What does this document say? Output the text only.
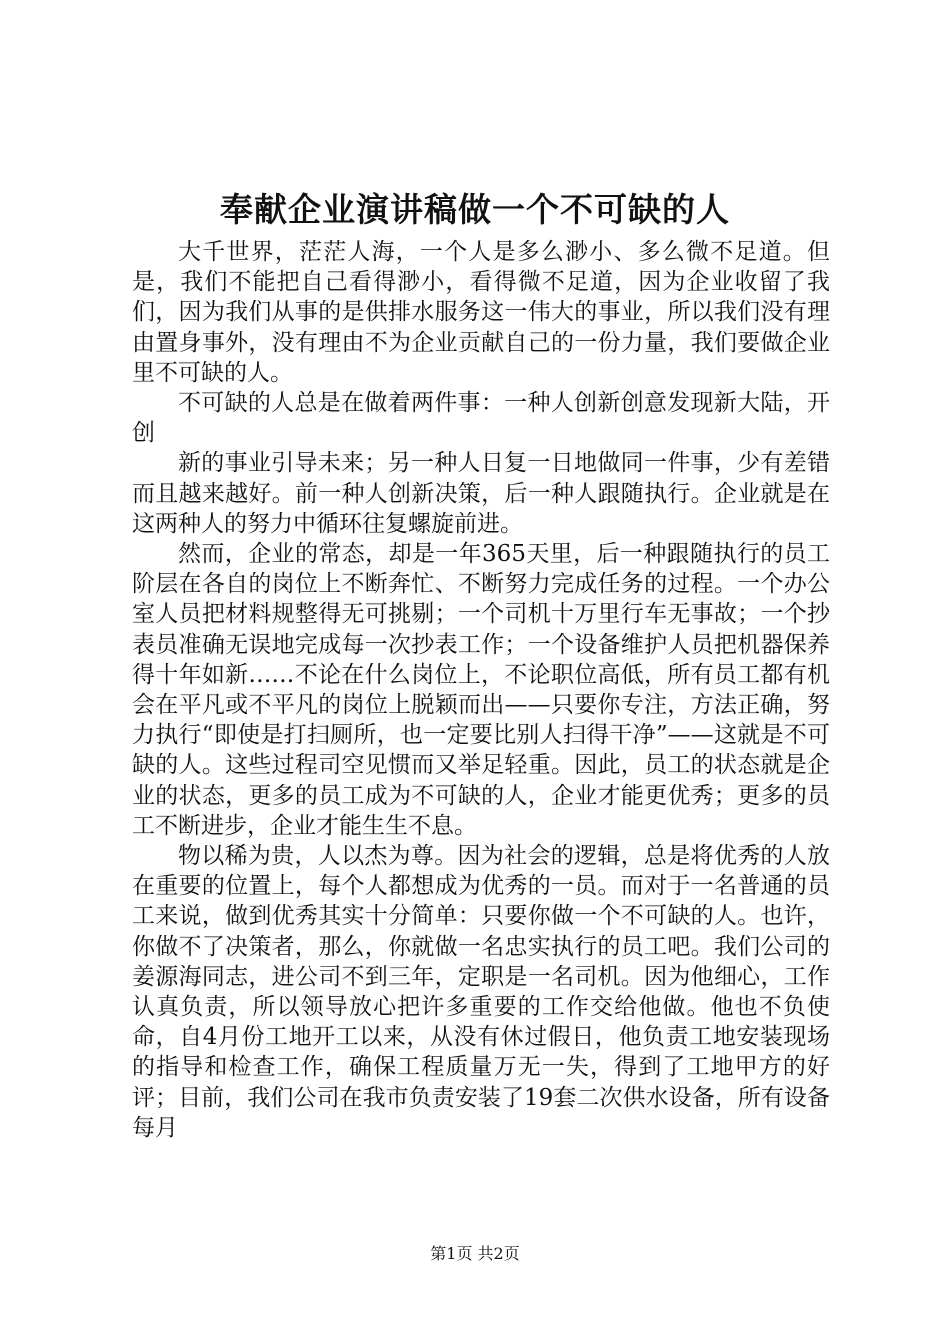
奉献企业演讲稿做一个不可缺的人

大千世界，茫茫人海，一个人是多么渺小、多么微不足道。但是，我们不能把自己看得渺小，看得微不足道，因为企业收留了我们，因为我们从事的是供排水服务这一伟大的事业，所以我们没有理由置身事外，没有理由不为企业贡献自己的一份力量，我们要做企业里不可缺的人。

不可缺的人总是在做着两件事：一种人创新创意发现新大陆，开创

新的事业引导未来；另一种人日复一日地做同一件事，少有差错而且越来越好。前一种人创新决策，后一种人跟随执行。企业就是在这两种人的努力中循环往复螺旋前进。

然而，企业的常态，却是一年365天里，后一种跟随执行的员工阶层在各自的岗位上不断奔忙、不断努力完成任务的过程。一个办公室人员把材料规整得无可挑剔；一个司机十万里行车无事故；一个抄表员准确无误地完成每一次抄表工作；一个设备维护人员把机器保养得十年如新……不论在什么岗位上，不论职位高低，所有员工都有机会在平凡或不平凡的岗位上脱颖而出——只要你专注，方法正确，努力执行“即使是打扫厕所，也一定要比别人扫得干净”——这就是不可缺的人。这些过程司空见惯而又举足轻重。因此，员工的状态就是企业的状态，更多的员工成为不可缺的人，企业才能更优秀；更多的员工不断进步，企业才能生生不息。

物以稀为贵，人以杰为尊。因为社会的逻辑，总是将优秀的人放在重要的位置上，每个人都想成为优秀的一员。而对于一名普通的员工来说，做到优秀其实十分简单：只要你做一个不可缺的人。也许，你做不了决策者，那么，你就做一名忠实执行的员工吧。我们公司的姜源海同志，进公司不到三年，定职是一名司机。因为他细心，工作认真负责，所以领导放心把许多重要的工作交给他做。他也不负使命，自4月份工地开工以来，从没有休过假日，他负责工地安装现场的指导和检查工作，确保工程质量万无一失，得到了工地甲方的好评；目前，我们公司在我市负责安装了19套二次供水设备，所有设备每月

第1页 共2页
